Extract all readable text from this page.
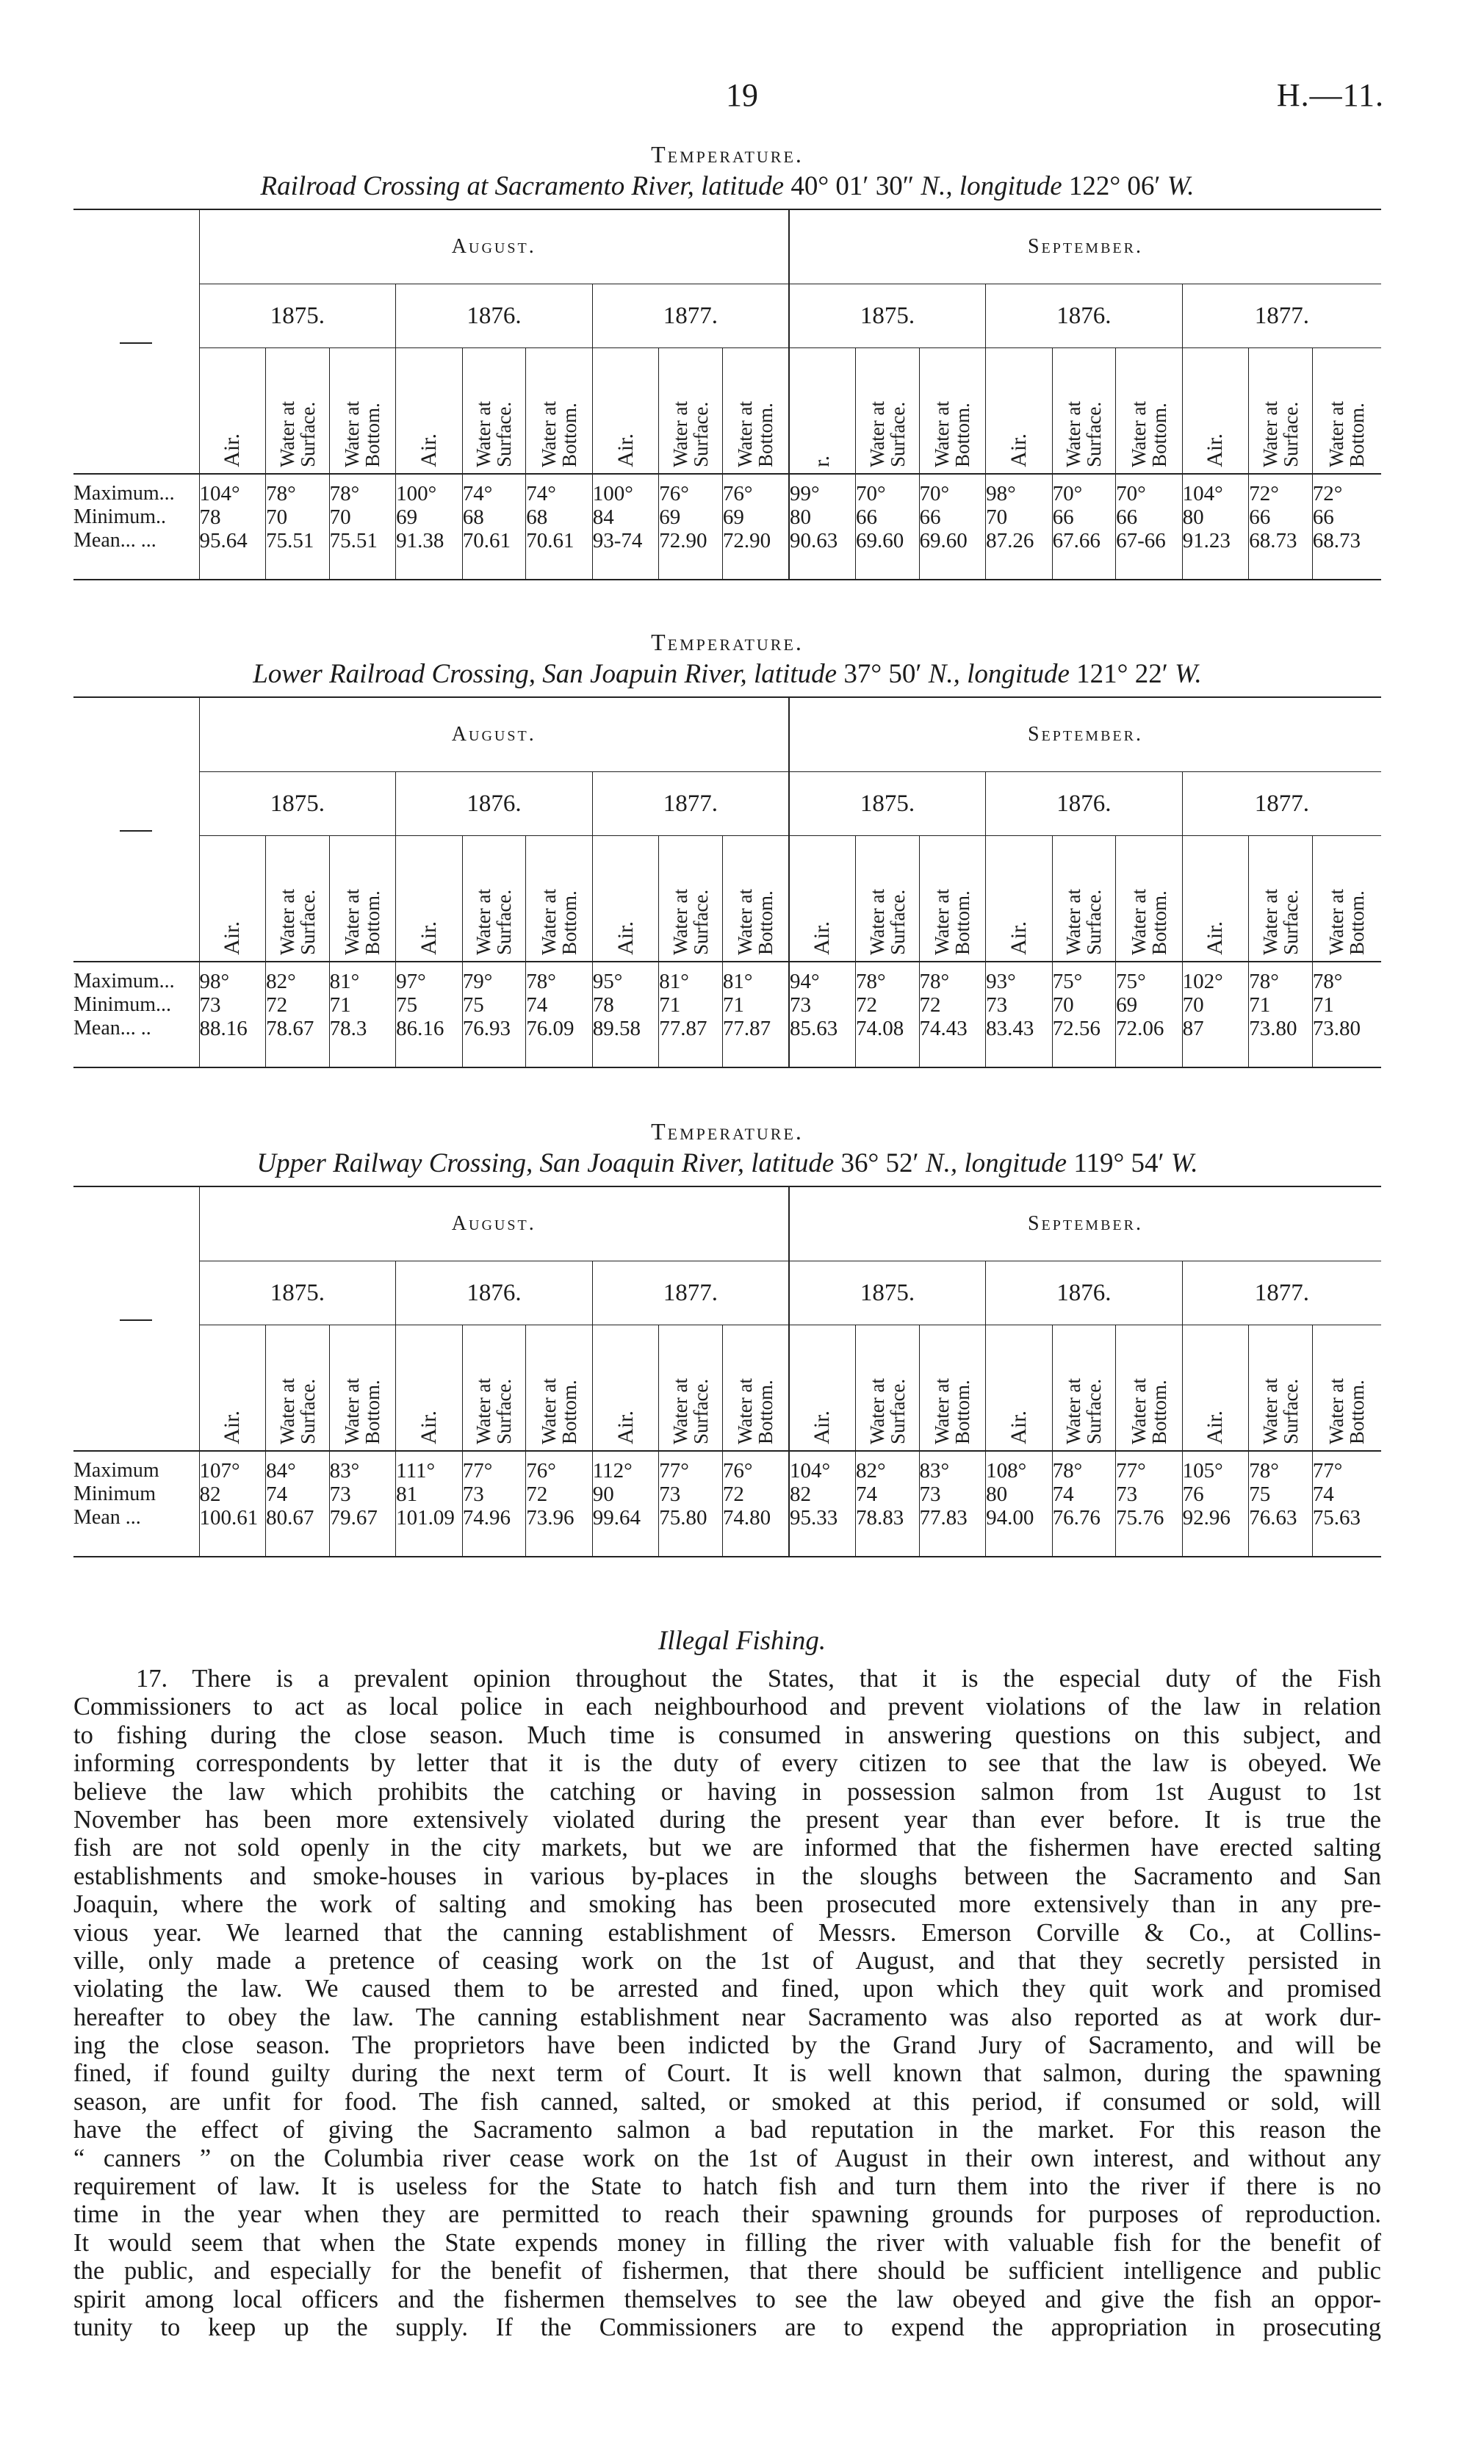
19	H.—11.
Temperature.
Railroad Crossing at Sacramento River, latitude 40° 01′ 30″ N., longitude 122° 06′ W.
	August.									September.								
	1875.			1876.			1877.			1875.			1876.			1877.		

	Air.	Water at
Surface.	Water at
Bottom.	Air.	Water at
Surface.	Water at
Bottom.	Air.	Water at
Surface.	Water at
Bottom.	r.	Water at
Surface.	Water at
Bottom.	Air.	Water at
Surface.	Water at
Bottom.	Air.	Water at
Surface.	Water at
Bottom.

Maximum...	104°	78°	78°	100°	74°	74°	100°	76°	76°	99°	70°	70°	98°	70°	70°	104°	72°	72°
Minimum..	78	70	70	69	68	68	84	69	69	80	66	66	70	66	66	80	66	66
Mean... ...	95.64	75.51	75.51	91.38	70.61	70.61	93-74	72.90	72.90	90.63	69.60	69.60	87.26	67.66	67-66	91.23	68.73	68.73

Temperature.
Lower Railroad Crossing, San Joapuin River, latitude 37° 50′ N., longitude 121° 22′ W.
	August.									September.								
	1875.			1876.			1877.			1875.			1876.			1877.		

	Air.	Water at
Surface.	Water at
Bottom.	Air.	Water at
Surface.	Water at
Bottom.	Air.	Water at
Surface.	Water at
Bottom.	Air.	Water at
Surface.	Water at
Bottom.	Air.	Water at
Surface.	Water at
Bottom.	Air.	Water at
Surface.	Water at
Bottom.

Maximum...	98°	82°	81°	97°	79°	78°	95°	81°	81°	94°	78°	78°	93°	75°	75°	102°	78°	78°
Minimum...	73	72	71	75	75	74	78	71	71	73	72	72	73	70	69	70	71	71
Mean... ..	88.16	78.67	78.3	86.16	76.93	76.09	89.58	77.87	77.87	85.63	74.08	74.43	83.43	72.56	72.06	87	73.80	73.80

Temperature.
Upper Railway Crossing, San Joaquin River, latitude 36° 52′ N., longitude 119° 54′ W.
	August.									September.								
	1875.			1876.			1877.			1875.			1876.			1877.		

	Air.	Water at
Surface.	Water at
Bottom.	Air.	Water at
Surface.	Water at
Bottom.	Air.	Water at
Surface.	Water at
Bottom.	Air.	Water at
Surface.	Water at
Bottom.	Air.	Water at
Surface.	Water at
Bottom.	Air.	Water at
Surface.	Water at
Bottom.

Maximum	107°	84°	83°	111°	77°	76°	112°	77°	76°	104°	82°	83°	108°	78°	77°	105°	78°	77°
Minimum	82	74	73	81	73	72	90	73	72	82	74	73	80	74	73	76	75	74
Mean ...	100.61	80.67	79.67	101.09	74.96	73.96	99.64	75.80	74.80	95.33	78.83	77.83	94.00	76.76	75.76	92.96	76.63	75.63

Illegal Fishing.
17. There is a prevalent opinion throughout the States, that it is the especial duty of the Fish
Commissioners to act as local police in each neighbourhood and prevent violations of the law in relation
to fishing during the close season. Much time is consumed in answering questions on this subject, and
informing correspondents by letter that it is the duty of every citizen to see that the law is obeyed. We
believe the law which prohibits the catching or having in possession salmon from 1st August to 1st
November has been more extensively violated during the present year than ever before. It is true the
fish are not sold openly in the city markets, but we are informed that the fishermen have erected salting
establishments and smoke-houses in various by-places in the sloughs between the Sacramento and San
Joaquin, where the work of salting and smoking has been prosecuted more extensively than in any pre-
vious year. We learned that the canning establishment of Messrs. Emerson Corville & Co., at Collins-
ville, only made a pretence of ceasing work on the 1st of August, and that they secretly persisted in
violating the law. We caused them to be arrested and fined, upon which they quit work and promised
hereafter to obey the law. The canning establishment near Sacramento was also reported as at work dur-
ing the close season. The proprietors have been indicted by the Grand Jury of Sacramento, and will be
fined, if found guilty during the next term of Court. It is well known that salmon, during the spawning
season, are unfit for food. The fish canned, salted, or smoked at this period, if consumed or sold, will
have the effect of giving the Sacramento salmon a bad reputation in the market. For this reason the
“ canners ” on the Columbia river cease work on the 1st of August in their own interest, and without any
requirement of law. It is useless for the State to hatch fish and turn them into the river if there is no
time in the year when they are permitted to reach their spawning grounds for purposes of reproduction.
It would seem that when the State expends money in filling the river with valuable fish for the benefit of
the public, and especially for the benefit of fishermen, that there should be sufficient intelligence and public
spirit among local officers and the fishermen themselves to see the law obeyed and give the fish an oppor-
tunity to keep up the supply. If the Commissioners are to expend the appropriation in prosecuting
